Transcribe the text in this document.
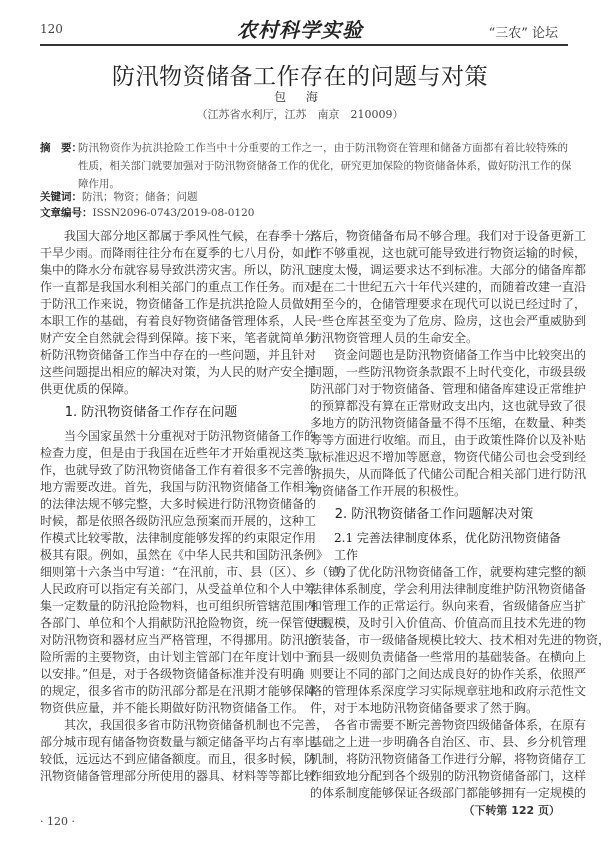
120	农村科学实验	“三农” 论坛
防汛物资储备工作存在的问题与对策
包 海
（江苏省水利厅，江苏　南京　210009）
摘　要：
防汛物资作为抗洪抢险工作当中十分重要的工作之一，由于防汛物资在管理和储备方面都有着比较特殊的
性质，相关部门就要加强对于防汛物资储备工作的优化，研究更加保险的物资储备体系，做好防汛工作的保
障作用。
关键词：防汛；物资；储备；问题
文章编号：ISSN2096-0743/2019-08-0120
我国大部分地区都属于季风性气候，在春季十分
干旱少雨。而降雨往往分布在夏季的七八月份，如此
集中的降水分布就容易导致洪涝灾害。所以，防汛工
作一直都是我国水利相关部门的重点工作任务。而对
于防汛工作来说，物资储备工作是抗洪抢险人员做好
本职工作的基础，有着良好物资储备管理体系，人民
财产安全自然就会得到保障。接下来，笔者就简单分
析防汛物资储备工作当中存在的一些问题，并且针对
这些问题提出相应的解决对策，为人民的财产安全提
供更优质的保障。
1. 防汛物资储备工作存在问题
当今国家虽然十分重视对于防汛物资储备工作的
检查力度，但是由于我国在近些年才开始重视这类工
作，也就导致了防汛物资储备工作有着很多不完善的
地方需要改进。首先，我国与防汛物资储备工作相关
的法律法规不够完整，大多时候进行防汛物资储备的
时候，都是依照各级防汛应急预案而开展的，这种工
作模式比较零散，法律制度能够发挥的约束限定作用
极其有限。例如，虽然在《中华人民共和国防汛条例》
细则第十六条当中写道：“在汛前，市、县（区）、乡（镇）
人民政府可以指定有关部门，从受益单位和个人中筹
集一定数量的防汛抢险物料，也可组织所管辖范围内
各部门、单位和个人捐献防汛抢险物资，统一保管使用。
对防汛物资和器材应当严格管理，不得挪用。防汛抢
险所需的主要物资，由计划主管部门在年度计划中予
以安排。”但是，对于各级物资储备标准并没有明确
的规定，很多省市的防汛部分都是在汛期才能够保障
物资供应量，并不能长期做好防汛物资储备工作。
其次，我国很多省市防汛物资储备机制也不完善，
部分城市现有储备物资数量与额定储备平均占有率比
较低，远远达不到应储备额度。而且，很多时候，防
汛物资储备管理部分所使用的器具、材料等等都比较
落后，物资储备布局不够合理。我们对于设备更新工
作不够重视，这也就可能导致进行物资运输的时候，
速度太慢，调运要求达不到标准。大部分的储备库都
是在二十世纪五六十年代兴建的，而随着改建一直沿
用至今的，仓储管理要求在现代可以说已经过时了，
一些仓库甚至变为了危房、险房，这也会严重威胁到
防汛物资管理人员的生命安全。
资金问题也是防汛物资储备工作当中比较突出的
问题，一些防汛物资条款跟不上时代变化，市级县级
防汛部门对于物资储备、管理和储备库建设正常维护
的预算都没有算在正常财政支出内，这也就导致了很
多地方的防汛物资储备量不得不压缩，在数量、种类
等等方面进行收缩。而且，由于政策性降价以及补贴
款标准迟迟不增加等愿意，物资代储公司也会受到经
济损失，从而降低了代储公司配合相关部门进行防汛
物资储备工作开展的积极性。
2. 防汛物资储备工作问题解决对策
2.1 完善法律制度体系，优化防汛物资储备工作
为了优化防汛物资储备工作，就要构建完整的额
法律体系制度，学会利用法律制度维护防汛物资储备
和管理工作的正常运行。纵向来看，省级储备应当扩
大规模，及时引入价值高、价值高而且技术先进的物
资装备，市一级储备规模比较大、技术相对先进的物资，
而县一级则负责储备一些常用的基础装备。在横向上
则要让不同的部门之间达成良好的协作关系，依照严
格的管理体系深度学习实际规章驻地和政府示范性文
件，对于本地防汛物资储备要求了然于胸。
各省市需要不断完善物资四级储备体系，在原有
基础之上进一步明确各自治区、市、县、乡分机管理
机制，将防汛物资储备工作进行分解，将物资储存工
作细致地分配到各个级别的防汛物资储备部门，这样
的体系制度能够保证各级部门都能够拥有一定规模的
（下转第 122 页）
· 120 ·
